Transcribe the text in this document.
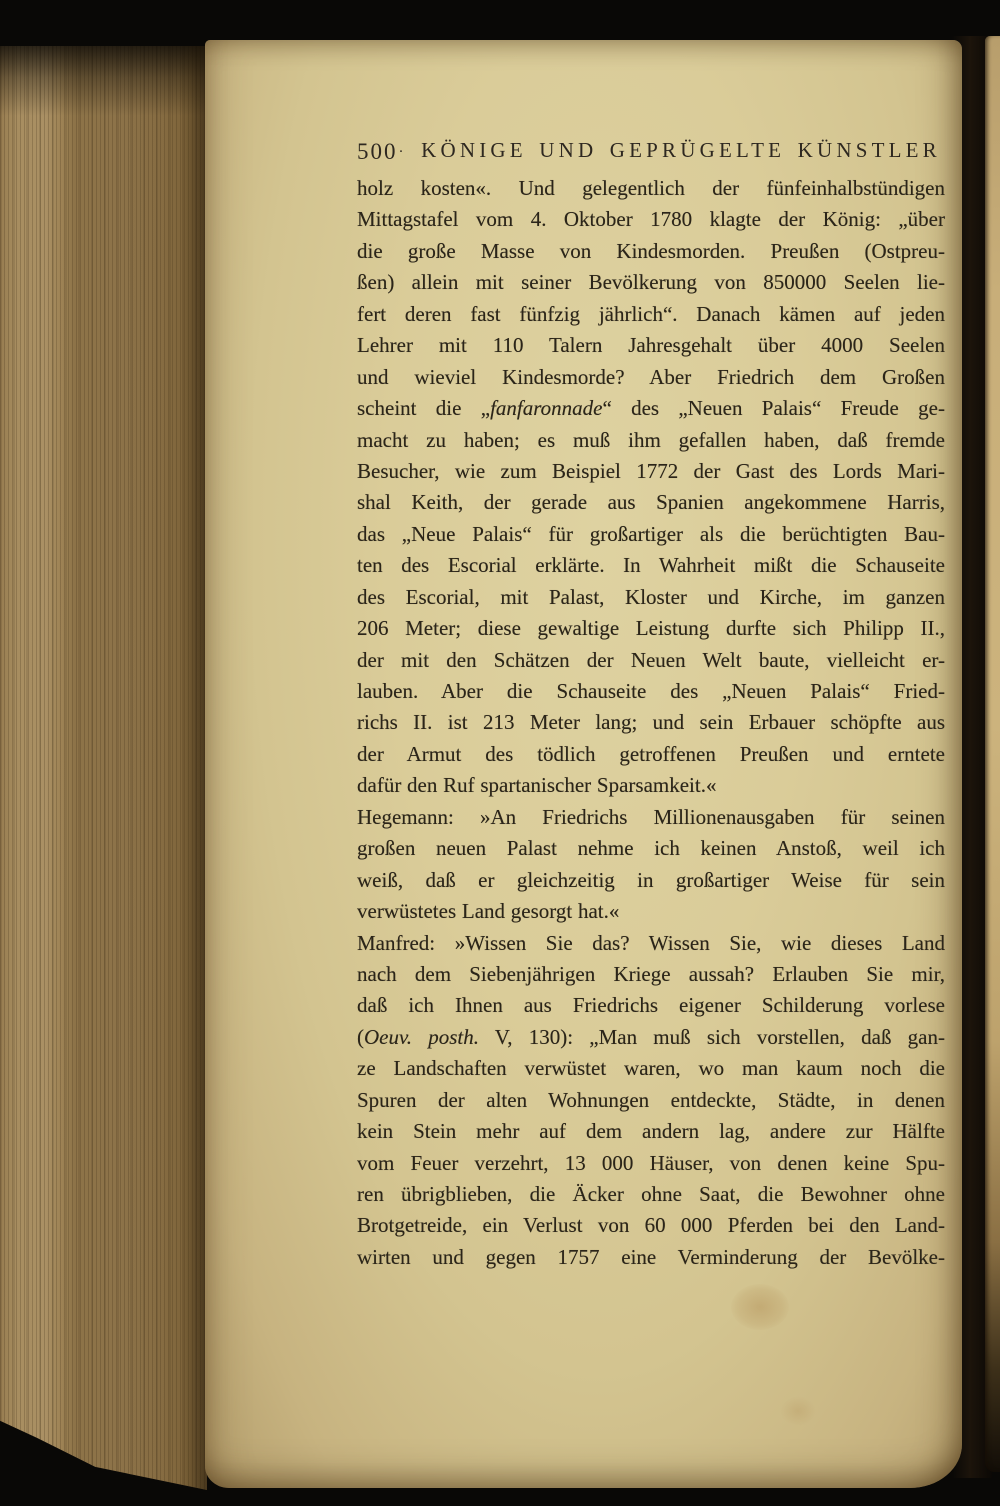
500· KÖNIGE UND GEPRÜGELTE KÜNSTLER
holz kosten«. Und gelegentlich der fünfeinhalbstündigen
Mittagstafel vom 4. Oktober 1780 klagte der König: „über
die große Masse von Kindesmorden. Preußen (Ostpreu-
ßen) allein mit seiner Bevölkerung von 850000 Seelen lie-
fert deren fast fünfzig jährlich“. Danach kämen auf jeden
Lehrer mit 110 Talern Jahresgehalt über 4000 Seelen
und wieviel Kindesmorde? Aber Friedrich dem Großen
scheint die „fanfaronnade“ des „Neuen Palais“ Freude ge-
macht zu haben; es muß ihm gefallen haben, daß fremde
Besucher, wie zum Beispiel 1772 der Gast des Lords Mari-
shal Keith, der gerade aus Spanien angekommene Harris,
das „Neue Palais“ für großartiger als die berüchtigten Bau-
ten des Escorial erklärte. In Wahrheit mißt die Schauseite
des Escorial, mit Palast, Kloster und Kirche, im ganzen
206 Meter; diese gewaltige Leistung durfte sich Philipp II.,
der mit den Schätzen der Neuen Welt baute, vielleicht er-
lauben. Aber die Schauseite des „Neuen Palais“ Fried-
richs II. ist 213 Meter lang; und sein Erbauer schöpfte aus
der Armut des tödlich getroffenen Preußen und erntete
dafür den Ruf spartanischer Sparsamkeit.«
Hegemann: »An Friedrichs Millionenausgaben für seinen
großen neuen Palast nehme ich keinen Anstoß, weil ich
weiß, daß er gleichzeitig in großartiger Weise für sein
verwüstetes Land gesorgt hat.«
Manfred: »Wissen Sie das? Wissen Sie, wie dieses Land
nach dem Siebenjährigen Kriege aussah? Erlauben Sie mir,
daß ich Ihnen aus Friedrichs eigener Schilderung vorlese
(Oeuv. posth. V, 130): „Man muß sich vorstellen, daß gan-
ze Landschaften verwüstet waren, wo man kaum noch die
Spuren der alten Wohnungen entdeckte, Städte, in denen
kein Stein mehr auf dem andern lag, andere zur Hälfte
vom Feuer verzehrt, 13 000 Häuser, von denen keine Spu-
ren übrigblieben, die Äcker ohne Saat, die Bewohner ohne
Brotgetreide, ein Verlust von 60 000 Pferden bei den Land-
wirten und gegen 1757 eine Verminderung der Bevölke-
